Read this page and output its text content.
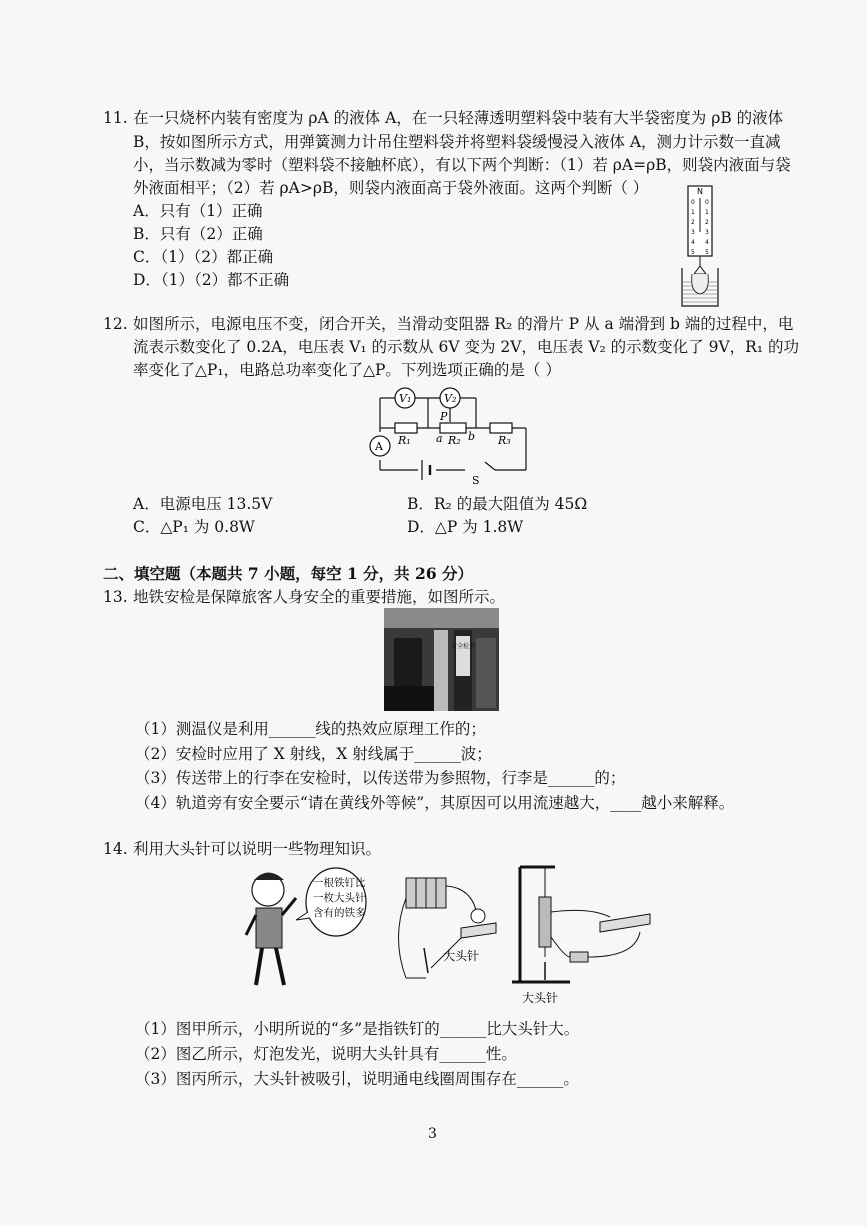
11. 在一只烧杯内装有密度为 ρA 的液体 A，在一只轻薄透明塑料袋中装有大半袋密度为 ρB 的液体
B，按如图所示方式，用弹簧测力计吊住塑料袋并将塑料袋缓慢浸入液体 A，测力计示数一直减
小，当示数减为零时（塑料袋不接触杯底），有以下两个判断：（1）若 ρA=ρB，则袋内液面与袋
外液面相平；（2）若 ρA>ρB，则袋内液面高于袋外液面。这两个判断（ ）
A．只有（1）正确
B．只有（2）正确
C．（1）（2）都正确
D．（1）（2）都不正确
N
0 0
1 1
2 2
3 3
4 4
5 5
12. 如图所示，电源电压不变，闭合开关，当滑动变阻器 R₂ 的滑片 P 从 a 端滑到 b 端的过程中，电
流表示数变化了 0.2A，电压表 V₁ 的示数从 6V 变为 2V，电压表 V₂ 的示数变化了 9V，R₁ 的功
率变化了△P₁，电路总功率变化了△P。下列选项正确的是（ ）
V₁	V₂
A R₁	R₂	R₃
P
a b
S
A．电源电压 13.5V	B．R₂ 的最大阻值为 45Ω
C．△P₁ 为 0.8W	D．△P 为 1.8W
二、填空题（本题共 7 小题，每空 1 分，共 26 分）
13. 地铁安检是保障旅客人身安全的重要措施，如图所示。
安全检查
（1）测温仪是利用______线的热效应原理工作的；
（2）安检时应用了 X 射线，X 射线属于______波；
（3）传送带上的行李在安检时，以传送带为参照物，行李是______的；
（4）轨道旁有安全要示“请在黄线外等候”，其原因可以用流速越大，____越小来解释。
14. 利用大头针可以说明一些物理知识。
一根铁钉比
一枚大头针
含有的铁多
大头针
大头针
（1）图甲所示，小明所说的“多”是指铁钉的______比大头针大。
（2）图乙所示，灯泡发光，说明大头针具有______性。
（3）图丙所示，大头针被吸引，说明通电线圈周围存在______。
3
